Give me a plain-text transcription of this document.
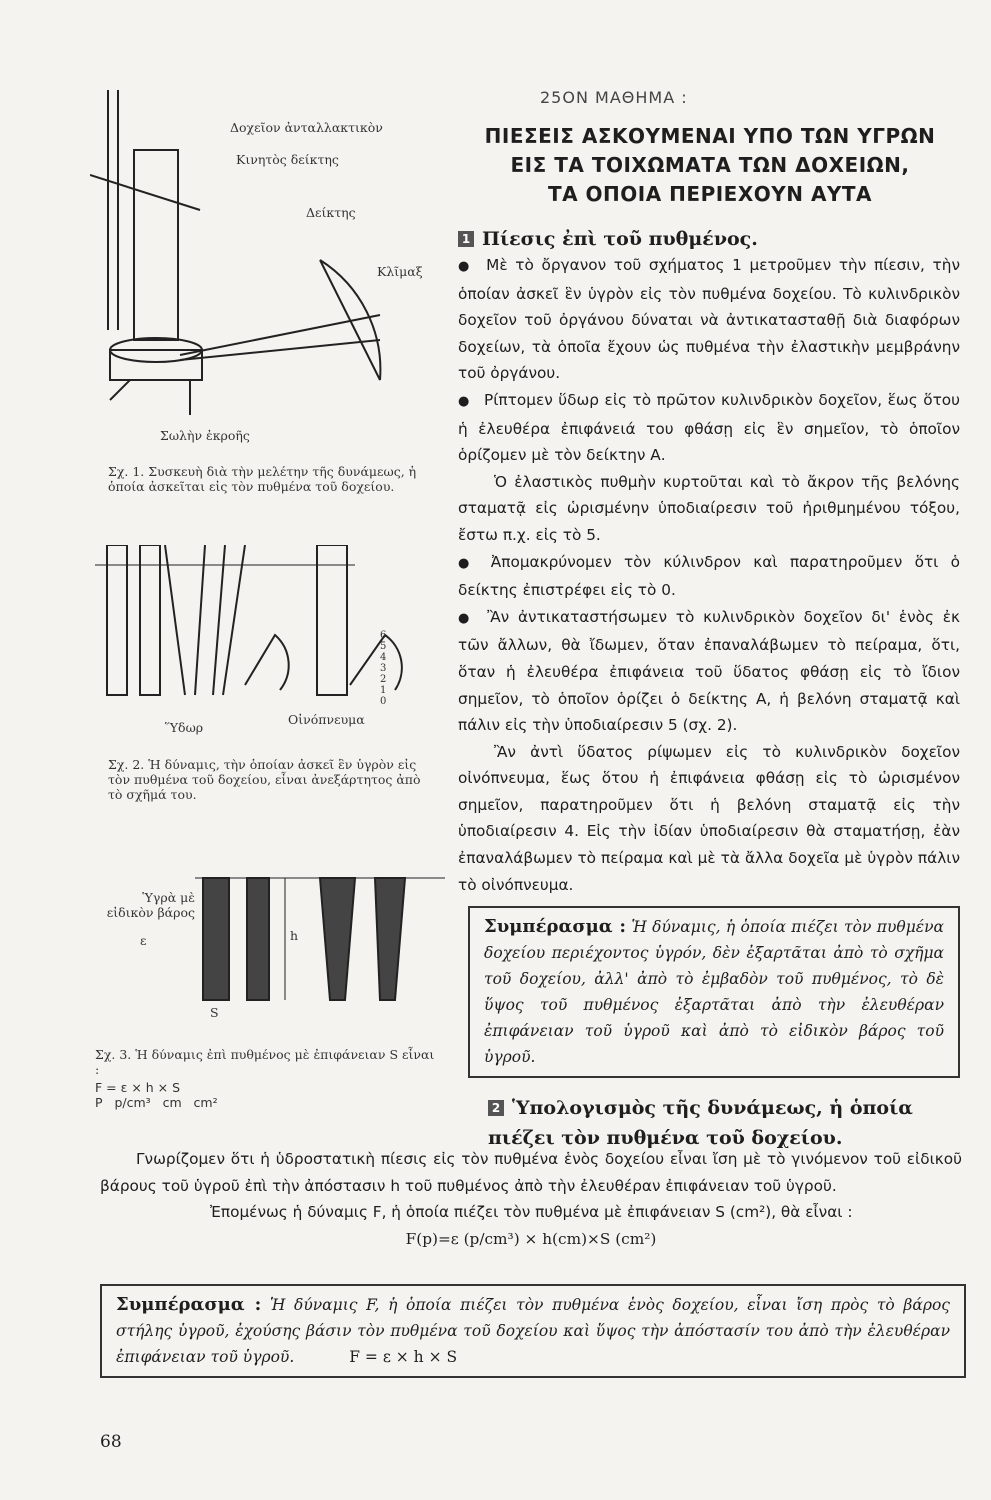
25ΟΝ ΜΑΘΗΜΑ :
ΠΙΕΣΕΙΣ ΑΣΚΟΥΜΕΝΑΙ ΥΠΟ ΤΩΝ ΥΓΡΩΝ
ΕΙΣ ΤΑ ΤΟΙΧΩΜΑΤΑ ΤΩΝ ΔΟΧΕΙΩΝ,
ΤΑ ΟΠΟΙΑ ΠΕΡΙΕΧΟΥΝ ΑΥΤΑ
1 Πίεσις ἐπὶ τοῦ πυθμένος.

● Μὲ τὸ ὄργανον τοῦ σχήματος 1 μετροῦμεν τὴν πίεσιν, τὴν ὁποίαν ἀσκεῖ ἓν ὑγρὸν εἰς τὸν πυθμένα δοχείου. Τὸ κυλινδρικὸν δοχεῖον τοῦ ὀργάνου δύναται νὰ ἀντικατασταθῇ διὰ διαφόρων δοχείων, τὰ ὁποῖα ἔχουν ὡς πυθμένα τὴν ἐλαστικὴν μεμβράνην τοῦ ὀργάνου.

● Ρίπτομεν ὕδωρ εἰς τὸ πρῶτον κυλινδρικὸν δοχεῖον, ἕως ὅτου ἡ ἐλευθέρα ἐπιφάνειά του φθάσῃ εἰς ἓν σημεῖον, τὸ ὁποῖον ὁρίζομεν μὲ τὸν δείκτην Α.

Ὁ ἐλαστικὸς πυθμὴν κυρτοῦται καὶ τὸ ἄκρον τῆς βελόνης σταματᾷ εἰς ὡρισμένην ὑποδιαίρεσιν τοῦ ἠριθμημένου τόξου, ἔστω π.χ. εἰς τὸ 5.

● Ἀπομακρύνομεν τὸν κύλινδρον καὶ παρατηροῦμεν ὅτι ὁ δείκτης ἐπιστρέφει εἰς τὸ 0.

● Ἂν ἀντικαταστήσωμεν τὸ κυλινδρικὸν δοχεῖον δι' ἑνὸς ἐκ τῶν ἄλλων, θὰ ἴδωμεν, ὅταν ἐπαναλάβωμεν τὸ πείραμα, ὅτι, ὅταν ἡ ἐλευθέρα ἐπιφάνεια τοῦ ὕδατος φθάσῃ εἰς τὸ ἴδιον σημεῖον, τὸ ὁποῖον ὁρίζει ὁ δείκτης Α, ἡ βελόνη σταματᾷ καὶ πάλιν εἰς τὴν ὑποδιαίρεσιν 5 (σχ. 2).

Ἂν ἀντὶ ὕδατος ρίψωμεν εἰς τὸ κυλινδρικὸν δοχεῖον οἰνόπνευμα, ἕως ὅτου ἡ ἐπιφάνεια φθάσῃ εἰς τὸ ὡρισμένον σημεῖον, παρατηροῦμεν ὅτι ἡ βελόνη σταματᾷ εἰς τὴν ὑποδιαίρεσιν 4. Εἰς τὴν ἰδίαν ὑποδιαίρεσιν θὰ σταματήσῃ, ἐὰν ἐπαναλάβωμεν τὸ πείραμα καὶ μὲ τὰ ἄλλα δοχεῖα μὲ ὑγρὸν πάλιν τὸ οἰνόπνευμα.

Συμπέρασμα : Ἡ δύναμις, ἡ ὁποία πιέζει τὸν πυθμένα δοχείου περιέχοντος ὑγρόν, δὲν ἐξαρτᾶται ἀπὸ τὸ σχῆμα τοῦ δοχείου, ἀλλ' ἀπὸ τὸ ἐμβαδὸν τοῦ πυθμένος, τὸ δὲ ὕψος τοῦ πυθμένος ἐξαρτᾶται ἀπὸ τὴν ἐλευθέραν ἐπιφάνειαν τοῦ ὑγροῦ καὶ ἀπὸ τὸ εἰδικὸν βάρος τοῦ ὑγροῦ.
2 Ὑπολογισμὸς τῆς δυνάμεως, ἡ ὁποία πιέζει τὸν πυθμένα τοῦ δοχείου.

Γνωρίζομεν ὅτι ἡ ὑδροστατικὴ πίεσις εἰς τὸν πυθμένα ἑνὸς δοχείου εἶναι ἴση μὲ τὸ γινόμενον τοῦ εἰδικοῦ βάρους τοῦ ὑγροῦ ἐπὶ τὴν ἀπόστασιν h τοῦ πυθμένος ἀπὸ τὴν ἐλευθέραν ἐπιφάνειαν τοῦ ὑγροῦ.

Ἐπομένως ἡ δύναμις F, ἡ ὁποία πιέζει τὸν πυθμένα μὲ ἐπιφάνειαν S (cm²), θὰ εἶναι :

F(p)=ε (p/cm³) × h(cm)×S (cm²)

Συμπέρασμα : Ἡ δύναμις F, ἡ ὁποία πιέζει τὸν πυθμένα ἑνὸς δοχείου, εἶναι ἴση πρὸς τὸ βάρος στήλης ὑγροῦ, ἐχούσης βάσιν τὸν πυθμένα τοῦ δοχείου καὶ ὕψος τὴν ἀπόστασίν του ἀπὸ τὴν ἐλευθέραν ἐπιφάνειαν τοῦ ὑγροῦ.	F = ε × h × S
Δοχεῖον ἀνταλλακτικὸν
Κινητὸς δείκτης
Δείκτης
Κλῖμαξ
Σωλὴν ἐκροῆς
Σχ. 1. Συσκευὴ διὰ τὴν μελέτην τῆς δυνάμεως, ἡ ὁποία ἀσκεῖται εἰς τὸν πυθμένα τοῦ δοχείου.
6
5
4
3
2
1
0
Ὕδωρ
Οἰνόπνευμα
Σχ. 2. Ἡ δύναμις, τὴν ὁποίαν ἀσκεῖ ἓν ὑγρὸν εἰς τὸν πυθμένα τοῦ δοχείου, εἶναι ἀνεξάρτητος ἀπὸ τὸ σχῆμά του.
Ὑγρὰ μὲ εἰδικὸν βάρος
ε	h
S
Σχ. 3. Ἡ δύναμις ἐπὶ πυθμένος μὲ ἐπιφάνειαν S εἶναι :
F = ε × h × S
P   p/cm³   cm   cm²
68
